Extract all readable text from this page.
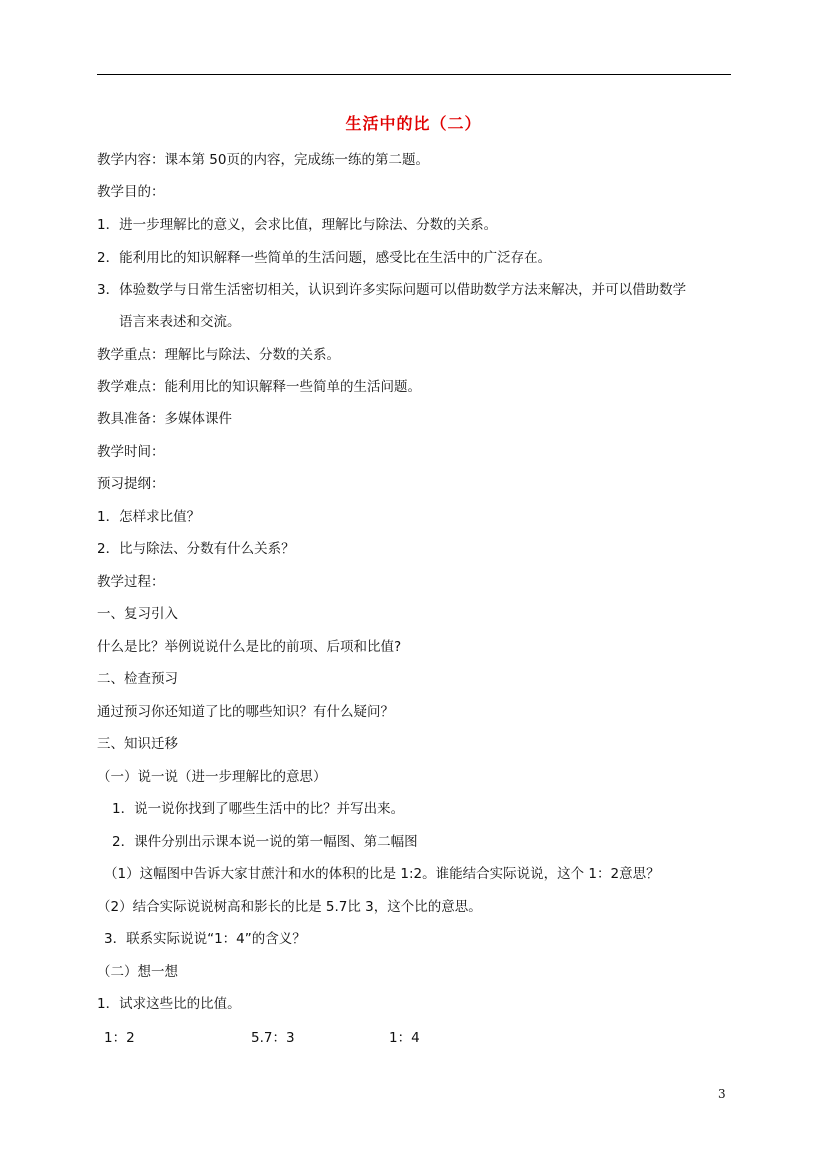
生活中的比（二）
教学内容：课本第 50页的内容，完成练一练的第二题。
教学目的：
1．进一步理解比的意义，会求比值，理解比与除法、分数的关系。
2．能利用比的知识解释一些简单的生活问题，感受比在生活中的广泛存在。
3．体验数学与日常生活密切相关，认识到许多实际问题可以借助数学方法来解决，并可以借助数学
语言来表述和交流。
教学重点：理解比与除法、分数的关系。
教学难点：能利用比的知识解释一些简单的生活问题。
教具准备：多媒体课件
教学时间：
预习提纲：
1．怎样求比值？
2．比与除法、分数有什么关系？
教学过程：
一、复习引入
什么是比？举例说说什么是比的前项、后项和比值?
二、检查预习
通过预习你还知道了比的哪些知识？有什么疑问？
三、知识迁移
（一）说一说（进一步理解比的意思）
1．说一说你找到了哪些生活中的比？并写出来。
2．课件分别出示课本说一说的第一幅图、第二幅图
（1）这幅图中告诉大家甘蔗汁和水的体积的比是 1:2。谁能结合实际说说，这个 1：2意思？
（2）结合实际说说树高和影长的比是 5.7比 3，这个比的意思。
3．联系实际说说“1：4”的含义？
（二）想一想
1．试求这些比的比值。
1：2	5.7：3	1：4
3
